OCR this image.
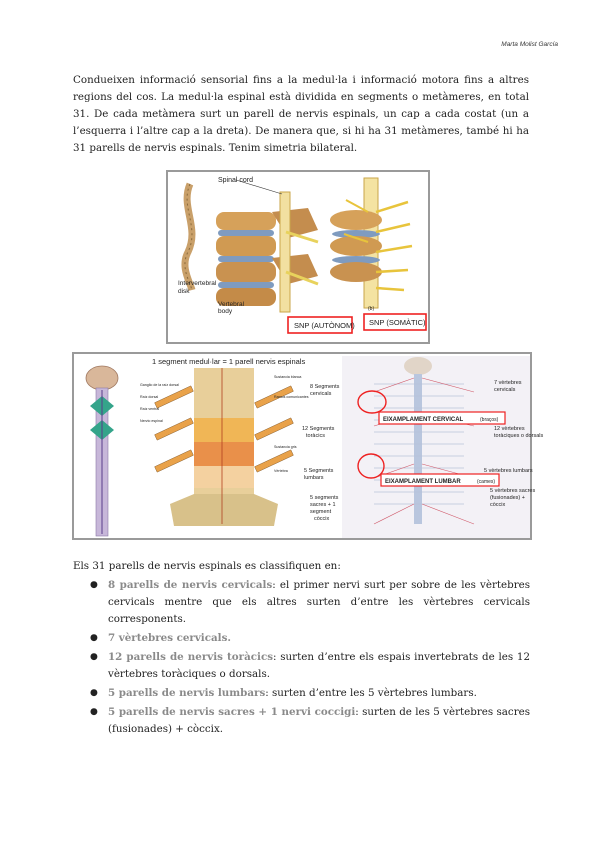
Marta Molist García

Condueixen informació sensorial fins a la medul·la i informació motora fins a altres regions del cos. La medul·la espinal està dividida en segments o metàmeres, en total 31. De cada metàmera surt un parell de nervis espinals, un cap a cada costat (un a l’esquerra i l’altre cap a la dreta). De manera que, si hi ha 31 metàmeres, també hi ha 31 parells de nervis espinals. Tenim simetria bilateral.

Spinal cord
Intervertebral
disk
Vertebral
body	(b)
SNP (AUTÒNOM) SNP (SOMÀTIC)
1 segment medul·lar = 1 parell nervis espinals
Ganglio de la raíz dorsal
Raíz dorsal
Raíz ventral
Nervio espinal
Sustancia blanca
Ramos comunicantes
Sustancia gris
Vértebra
8 Segments
cervicals
12 Segments
toràcics
5 Segments
lumbars
5 segments
sacres + 1
segment
còccix
7 vèrtebres
cervicals
12 vèrtebres
toràciques o dorsals
5 vèrtebres lumbars
5 vèrtebres sacres
(fusionades) +
còccix
EIXAMPLAMENT CERVICAL	(braços)
EIXAMPLAMENT LUMBAR	(cames)

Els 31 parells de nervis espinals es classifiquen en:

● 8 parells de nervis cervicals: el primer nervi surt per sobre de les vèrtebres cervicals mentre que els altres surten d’entre les vèrtebres cervicals corresponents.
● 7 vèrtebres cervicals.
● 12 parells de nervis toràcics: surten d’entre els espais invertebrats de les 12 vèrtebres toràciques o dorsals.
● 5 parells de nervis lumbars: surten d’entre les 5 vèrtebres lumbars.
● 5 parells de nervis sacres + 1 nervi coccigi: surten de les 5 vèrtebres sacres (fusionades) + còccix.
